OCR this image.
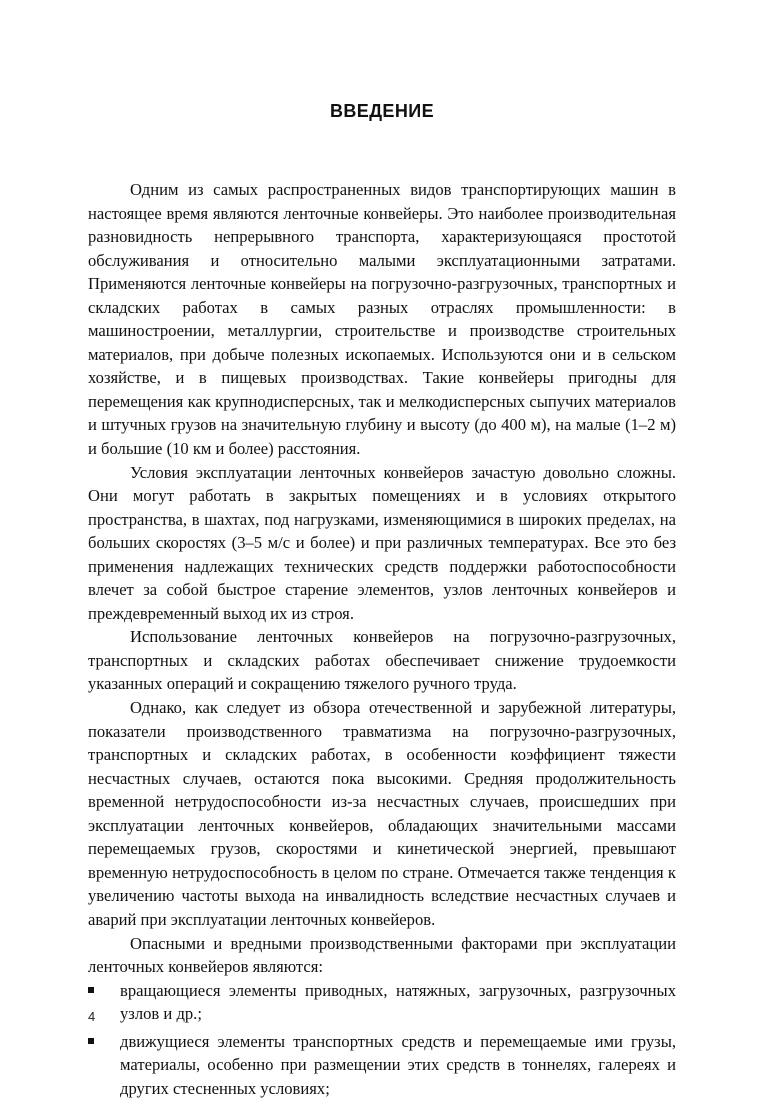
ВВЕДЕНИЕ

Одним из самых распространенных видов транспортирующих машин в настоящее время являются ленточные конвейеры. Это наиболее производительная разновидность непрерывного транспорта, характеризующаяся простотой обслуживания и относительно малыми эксплуатационными затратами. Применяются ленточные конвейеры на погрузочно-разгрузочных, транспортных и складских работах в самых разных отраслях промышленности: в машиностроении, металлургии, строительстве и производстве строительных материалов, при добыче полезных ископаемых. Используются они и в сельском хозяйстве, и в пищевых производствах. Такие конвейеры пригодны для перемещения как крупнодисперсных, так и мелкодисперсных сыпучих материалов и штучных грузов на значительную глубину и высоту (до 400 м), на малые (1–2 м) и большие (10 км и более) расстояния.

Условия эксплуатации ленточных конвейеров зачастую довольно сложны. Они могут работать в закрытых помещениях и в условиях открытого пространства, в шахтах, под нагрузками, изменяющимися в широких пределах, на больших скоростях (3–5 м/с и более) и при различных температурах. Все это без применения надлежащих технических средств поддержки работоспособности влечет за собой быстрое старение элементов, узлов ленточных конвейеров и преждевременный выход их из строя.

Использование ленточных конвейеров на погрузочно-разгрузочных, транспортных и складских работах обеспечивает снижение трудоемкости указанных операций и сокращению тяжелого ручного труда.

Однако, как следует из обзора отечественной и зарубежной литературы, показатели производственного травматизма на погрузочно-разгрузочных, транспортных и складских работах, в особенности коэффициент тяжести несчастных случаев, остаются пока высокими. Средняя продолжительность временной нетрудоспособности из-за несчастных случаев, происшедших при эксплуатации ленточных конвейеров, обладающих значительными массами перемещаемых грузов, скоростями и кинетической энергией, превышают временную нетрудоспособность в целом по стране. Отмечается также тенденция к увеличению частоты выхода на инвалидность вследствие несчастных случаев и аварий при эксплуатации ленточных конвейеров.

Опасными и вредными производственными факторами при эксплуатации ленточных конвейеров являются:

вращающиеся элементы приводных, натяжных, загрузочных, разгрузочных узлов и др.;
движущиеся элементы транспортных средств и перемещаемые ими грузы, материалы, особенно при размещении этих средств в тоннелях, галереях и других стесненных условиях;
4
